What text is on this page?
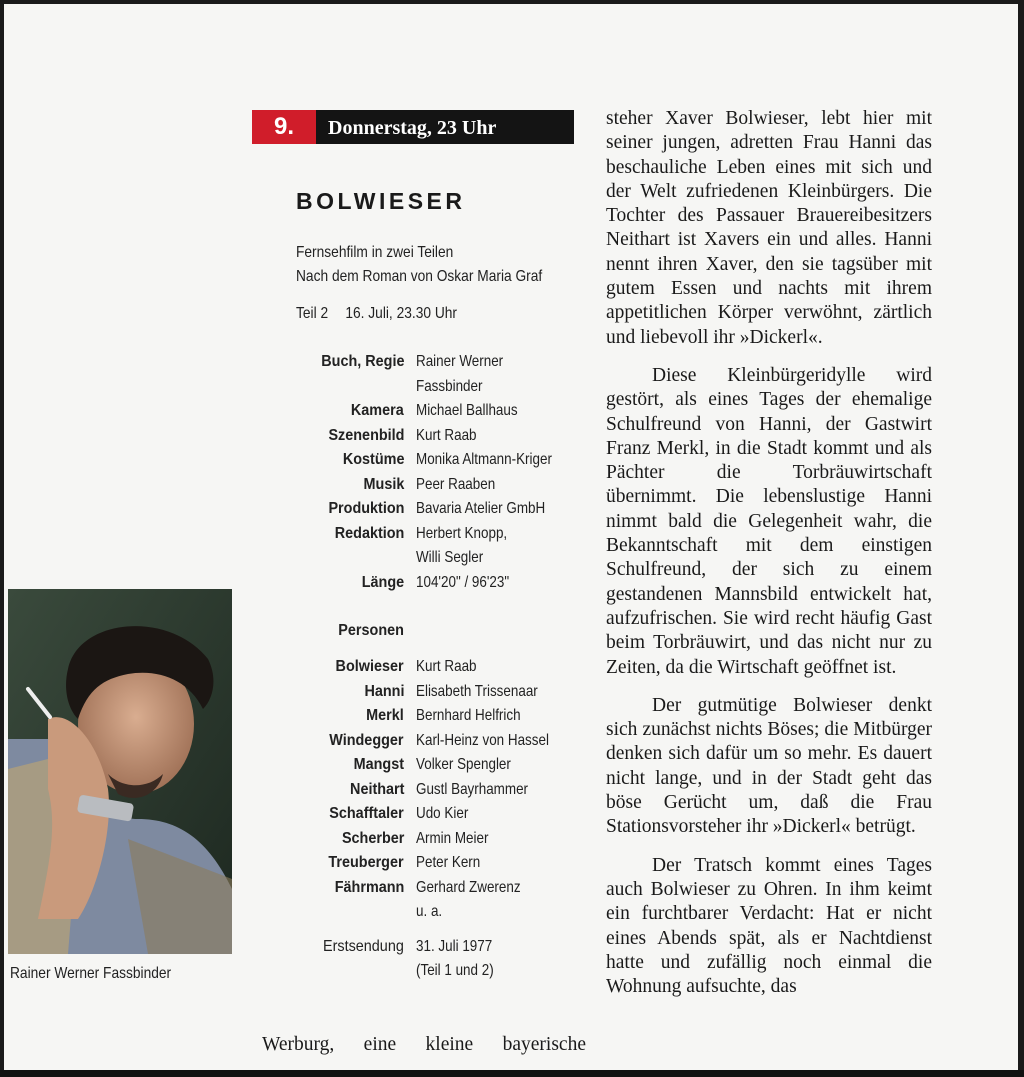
9.	Donnerstag, 23 Uhr
BOLWIESER
Fernsehfilm in zwei Teilen
Nach dem Roman von Oskar Maria Graf
Teil 2 16. Juli, 23.30 Uhr
Buch, Regie Rainer Werner
Fassbinder
Kamera Michael Ballhaus
Szenenbild Kurt Raab
Kostüme Monika Altmann-Kriger
Musik Peer Raaben
Produktion Bavaria Atelier GmbH
Redaktion Herbert Knopp,
Willi Segler
Länge 104'20" / 96'23"
Personen
Bolwieser Kurt Raab
Hanni Elisabeth Trissenaar
Merkl Bernhard Helfrich
Windegger Karl-Heinz von Hassel
Mangst Volker Spengler
Neithart Gustl Bayrhammer
Schafftaler Udo Kier
Scherber Armin Meier
Treuberger Peter Kern
Fährmann Gerhard Zwerenz
u. a.
Erstsendung 31. Juli 1977
(Teil 1 und 2)
Rainer Werner Fassbinder
Werburg, eine kleine bayerische

steher Xaver Bolwieser, lebt hier mit seiner jungen, adretten Frau Hanni das beschauliche Leben eines mit sich und der Welt zufriedenen Kleinbürgers. Die Tochter des Passauer Brauereibesitzers Neithart ist Xavers ein und alles. Hanni nennt ihren Xaver, den sie tagsüber mit gutem Essen und nachts mit ihrem appetitlichen Körper verwöhnt, zärtlich und liebevoll ihr »Dickerl«.

Diese Kleinbürgeridylle wird gestört, als eines Tages der ehemalige Schulfreund von Hanni, der Gastwirt Franz Merkl, in die Stadt kommt und als Pächter die Torbräuwirtschaft übernimmt. Die lebenslustige Hanni nimmt bald die Gelegenheit wahr, die Bekanntschaft mit dem einstigen Schulfreund, der sich zu einem gestandenen Mannsbild entwickelt hat, aufzufrischen. Sie wird recht häufig Gast beim Torbräuwirt, und das nicht nur zu Zeiten, da die Wirtschaft geöffnet ist.

Der gutmütige Bolwieser denkt sich zunächst nichts Böses; die Mitbürger denken sich dafür um so mehr. Es dauert nicht lange, und in der Stadt geht das böse Gerücht um, daß die Frau Stationsvorsteher ihr »Dickerl« betrügt.

Der Tratsch kommt eines Tages auch Bolwieser zu Ohren. In ihm keimt ein furchtbarer Verdacht: Hat er nicht eines Abends spät, als er Nachtdienst hatte und zufällig noch einmal die Wohnung aufsuchte, das
